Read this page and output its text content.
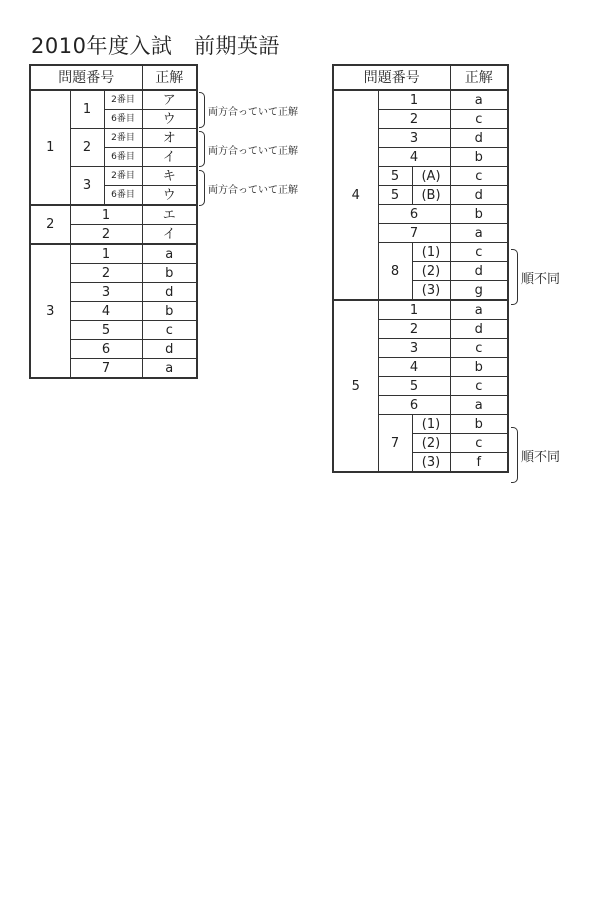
2010年度入試　前期英語
問題番号			正解
1	1	2番目	ア
		6番目	ウ
	2	2番目	オ
		6番目	イ
	3	2番目	キ
		6番目	ウ
2	1		エ
	2		イ
3	1		a
	2		b
	3		d
	4		b
	5		c
	6		d
	7		a
両方合っていて正解
両方合っていて正解
両方合っていて正解
問題番号			正解
4	1		a
	2		c
	3		d
	4		b
	5	(A)	c
	5	(B)	d
	6		b
	7		a
	8	(1)	c
		(2)	d
		(3)	g
5	1		a
	2		d
	3		c
	4		b
	5		c
	6		a
	7	(1)	b
		(2)	c
		(3)	f
順不同
順不同
